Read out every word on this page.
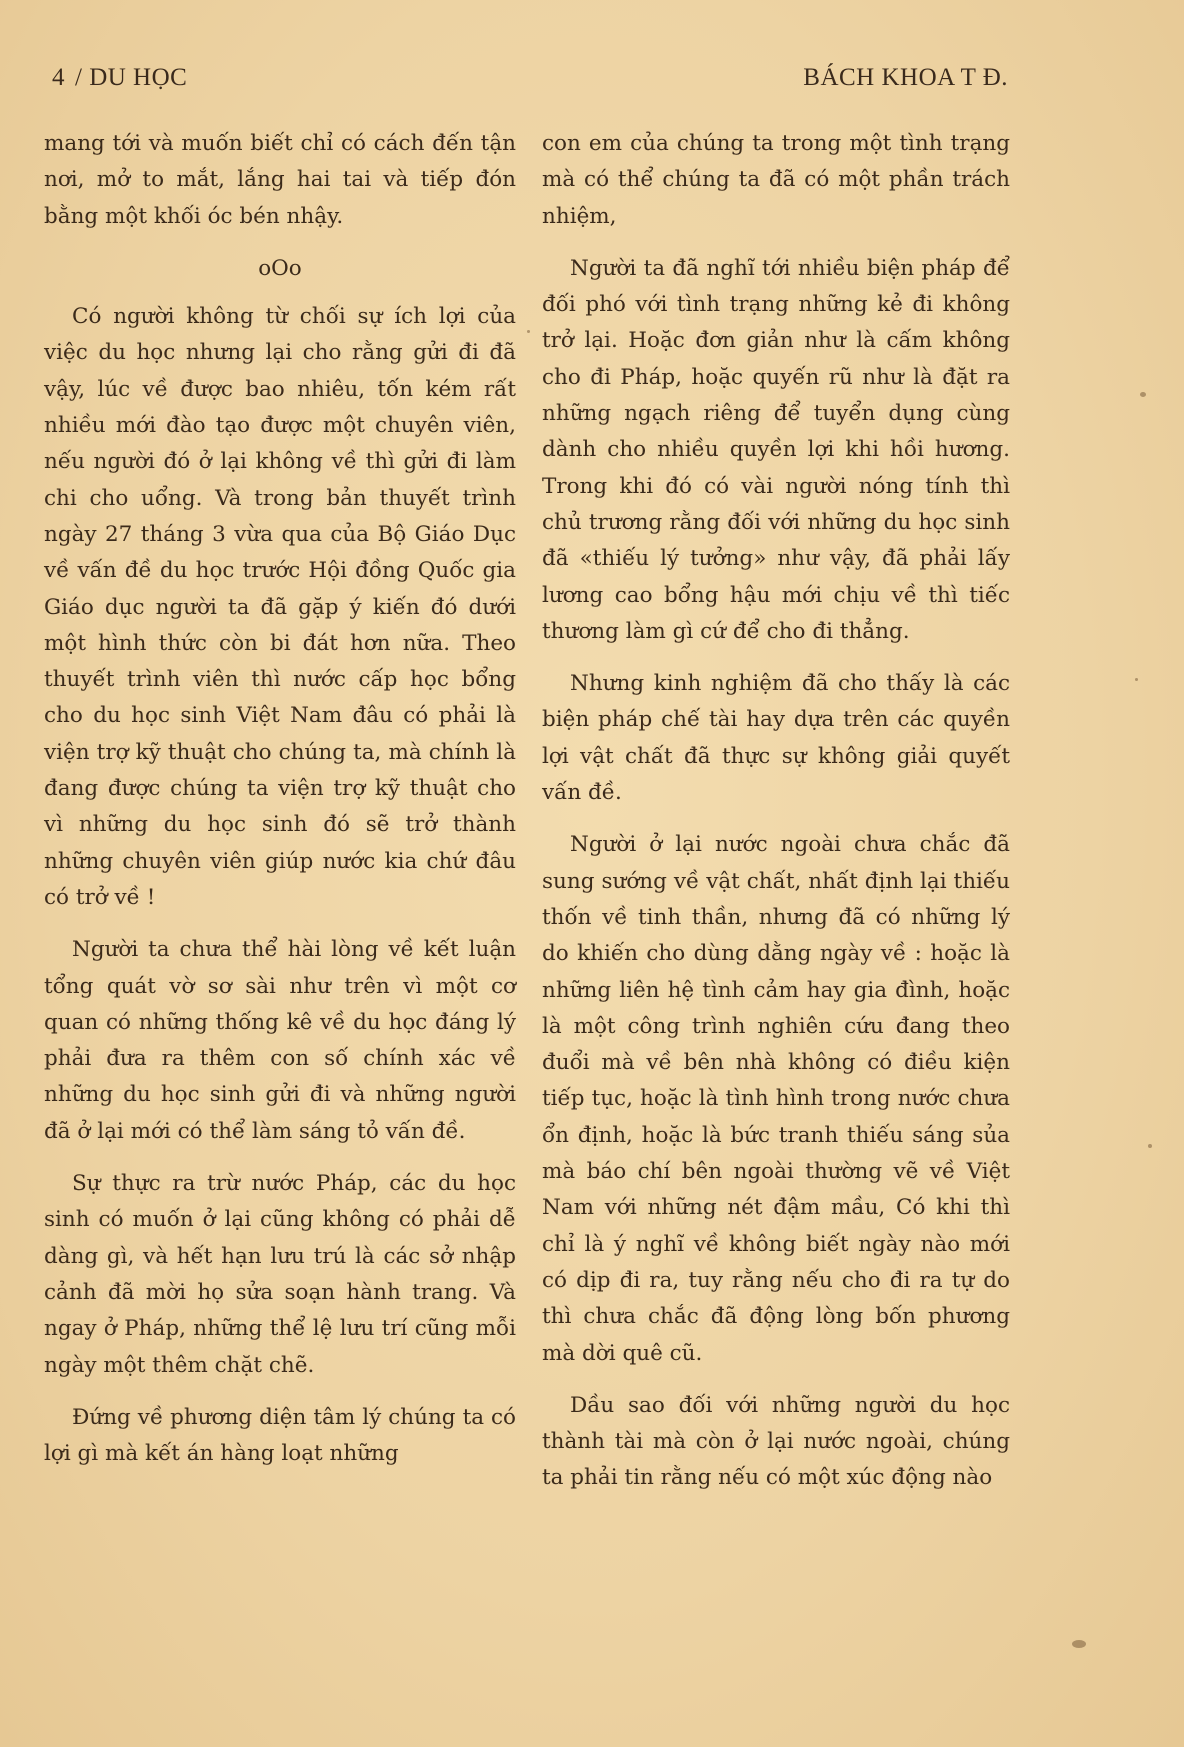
4 / DU HỌC	BÁCH KHOA T Đ.

mang tới và muốn biết chỉ có cách đến tận nơi, mở to mắt, lắng hai tai và tiếp đón bằng một khối óc bén nhậy.

oOo

Có người không từ chối sự ích lợi của việc du học nhưng lại cho rằng gửi đi đã vậy, lúc về được bao nhiêu, tốn kém rất nhiều mới đào tạo được một chuyên viên, nếu người đó ở lại không về thì gửi đi làm chi cho uổng. Và trong bản thuyết trình ngày 27 tháng 3 vừa qua của Bộ Giáo Dục về vấn đề du học trước Hội đồng Quốc gia Giáo dục người ta đã gặp ý kiến đó dưới một hình thức còn bi đát hơn nữa. Theo thuyết trình viên thì nước cấp học bổng cho du học sinh Việt Nam đâu có phải là viện trợ kỹ thuật cho chúng ta, mà chính là đang được chúng ta viện trợ kỹ thuật cho vì những du học sinh đó sẽ trở thành những chuyên viên giúp nước kia chứ đâu có trở về !

Người ta chưa thể hài lòng về kết luận tổng quát vờ sơ sài như trên vì một cơ quan có những thống kê về du học đáng lý phải đưa ra thêm con số chính xác về những du học sinh gửi đi và những người đã ở lại mới có thể làm sáng tỏ vấn đề.

Sự thực ra trừ nước Pháp, các du học sinh có muốn ở lại cũng không có phải dễ dàng gì, và hết hạn lưu trú là các sở nhập cảnh đã mời họ sửa soạn hành trang. Và ngay ở Pháp, những thể lệ lưu trí cũng mỗi ngày một thêm chặt chẽ.

Đứng về phương diện tâm lý chúng ta có lợi gì mà kết án hàng loạt những

con em của chúng ta trong một tình trạng mà có thể chúng ta đã có một phần trách nhiệm,

Người ta đã nghĩ tới nhiều biện pháp để đối phó với tình trạng những kẻ đi không trở lại. Hoặc đơn giản như là cấm không cho đi Pháp, hoặc quyến rũ như là đặt ra những ngạch riêng để tuyển dụng cùng dành cho nhiều quyền lợi khi hồi hương. Trong khi đó có vài người nóng tính thì chủ trương rằng đối với những du học sinh đã «thiếu lý tưởng» như vậy, đã phải lấy lương cao bổng hậu mới chịu về thì tiếc thương làm gì cứ để cho đi thẳng.

Nhưng kinh nghiệm đã cho thấy là các biện pháp chế tài hay dựa trên các quyền lợi vật chất đã thực sự không giải quyết vấn đề.

Người ở lại nước ngoài chưa chắc đã sung sướng về vật chất, nhất định lại thiếu thốn về tinh thần, nhưng đã có những lý do khiến cho dùng dằng ngày về : hoặc là những liên hệ tình cảm hay gia đình, hoặc là một công trình nghiên cứu đang theo đuổi mà về bên nhà không có điều kiện tiếp tục, hoặc là tình hình trong nước chưa ổn định, hoặc là bức tranh thiếu sáng sủa mà báo chí bên ngoài thường vẽ về Việt Nam với những nét đậm mầu, Có khi thì chỉ là ý nghĩ về không biết ngày nào mới có dịp đi ra, tuy rằng nếu cho đi ra tự do thì chưa chắc đã động lòng bốn phương mà dời quê cũ.

Dầu sao đối với những người du học thành tài mà còn ở lại nước ngoài, chúng ta phải tin rằng nếu có một xúc động nào
